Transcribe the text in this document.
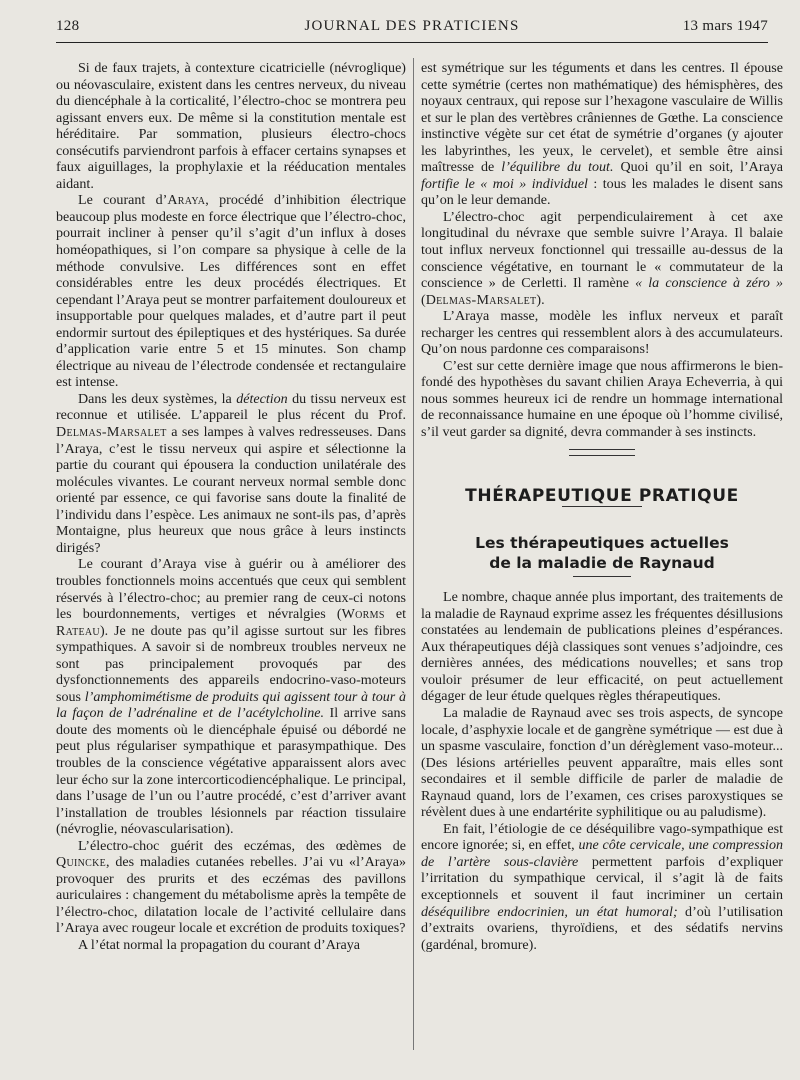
128	JOURNAL DES PRATICIENS	13 mars 1947

Si de faux trajets, à contexture cicatricielle (névroglique) ou néovasculaire, existent dans les centres nerveux, du niveau du diencéphale à la corticalité, l’électro-choc se montrera peu agissant envers eux. De même si la constitution mentale est héréditaire. Par sommation, plusieurs électro-chocs consécutifs parviendront parfois à effacer certains synapses et faux aiguillages, la prophylaxie et la rééducation mentales aidant.

Le courant d’Araya, procédé d’inhibition électrique beaucoup plus modeste en force électrique que l’électro-choc, pourrait incliner à penser qu’il s’agit d’un influx à doses homéopathiques, si l’on compare sa physique à celle de la méthode convulsive. Les différences sont en effet considérables entre les deux procédés électriques. Et cependant l’Araya peut se montrer parfaitement douloureux et insupportable pour quelques malades, et d’autre part il peut endormir surtout des épileptiques et des hystériques. Sa durée d’application varie entre 5 et 15 minutes. Son champ électrique au niveau de l’électrode condensée et rectangulaire est intense.

Dans les deux systèmes, la détection du tissu nerveux est reconnue et utilisée. L’appareil le plus récent du Prof. Delmas-Marsalet a ses lampes à valves redresseuses. Dans l’Araya, c’est le tissu nerveux qui aspire et sélectionne la partie du courant qui épousera la conduction unilatérale des molécules vivantes. Le courant nerveux normal semble donc orienté par essence, ce qui favorise sans doute la finalité de l’individu dans l’espèce. Les animaux ne sont-ils pas, d’après Montaigne, plus heureux que nous grâce à leurs instincts dirigés?

Le courant d’Araya vise à guérir ou à améliorer des troubles fonctionnels moins accentués que ceux qui semblent réservés à l’électro-choc; au premier rang de ceux-ci notons les bourdonnements, vertiges et névralgies (Worms et Rateau). Je ne doute pas qu’il agisse surtout sur les fibres sympathiques. A savoir si de nombreux troubles nerveux ne sont pas principalement provoqués par des dysfonctionnements des appareils endocrino-vaso-moteurs sous l’amphomimétisme de produits qui agissent tour à tour à la façon de l’adrénaline et de l’acétylcholine. Il arrive sans doute des moments où le diencéphale épuisé ou débordé ne peut plus régulariser sympathique et parasympathique. Des troubles de la conscience végétative apparaissent alors avec leur écho sur la zone intercorticodiencéphalique. Le principal, dans l’usage de l’un ou l’autre procédé, c’est d’arriver avant l’installation de troubles lésionnels par réaction tissulaire (névroglie, néovascularisation).

L’électro-choc guérit des eczémas, des œdèmes de Quincke, des maladies cutanées rebelles. J’ai vu «l’Araya» provoquer des prurits et des eczémas des pavillons auriculaires : changement du métabolisme après la tempête de l’électro-choc, dilatation locale de l’activité cellulaire dans l’Araya avec rougeur locale et excrétion de produits toxiques?

A l’état normal la propagation du courant d’Araya

est symétrique sur les téguments et dans les centres. Il épouse cette symétrie (certes non mathématique) des hémisphères, des noyaux centraux, qui repose sur l’hexagone vasculaire de Willis et sur le plan des vertèbres crâniennes de Gœthe. La conscience instinctive végète sur cet état de symétrie d’organes (y ajouter les labyrinthes, les yeux, le cervelet), et semble être ainsi maîtresse de l’équilibre du tout. Quoi qu’il en soit, l’Araya fortifie le « moi » individuel : tous les malades le disent sans qu’on le leur demande.

L’électro-choc agit perpendiculairement à cet axe longitudinal du névraxe que semble suivre l’Araya. Il balaie tout influx nerveux fonctionnel qui tressaille au-dessus de la conscience végétative, en tournant le « commutateur de la conscience » de Cerletti. Il ramène « la conscience à zéro » (Delmas-Marsalet).

L’Araya masse, modèle les influx nerveux et paraît recharger les centres qui ressemblent alors à des accumulateurs. Qu’on nous pardonne ces comparaisons!

C’est sur cette dernière image que nous affirmerons le bien-fondé des hypothèses du savant chilien Araya Echeverria, à qui nous sommes heureux ici de rendre un hommage international de reconnaissance humaine en une époque où l’homme civilisé, s’il veut garder sa dignité, devra commander à ses instincts.

THÉRAPEUTIQUE PRATIQUE
Les thérapeutiques actuelles
de la maladie de Raynaud

Le nombre, chaque année plus important, des traitements de la maladie de Raynaud exprime assez les fréquentes désillusions constatées au lendemain de publications pleines d’espérances. Aux thérapeutiques déjà classiques sont venues s’adjoindre, ces dernières années, des médications nouvelles; et sans trop vouloir présumer de leur efficacité, on peut actuellement dégager de leur étude quelques règles thérapeutiques.

La maladie de Raynaud avec ses trois aspects, de syncope locale, d’asphyxie locale et de gangrène symétrique — est due à un spasme vasculaire, fonction d’un dérèglement vaso-moteur...(Des lésions artérielles peuvent apparaître, mais elles sont secondaires et il semble difficile de parler de maladie de Raynaud quand, lors de l’examen, ces crises paroxystiques se révèlent dues à une endartérite syphilitique ou au paludisme).

En fait, l’étiologie de ce déséquilibre vago-sympathique est encore ignorée; si, en effet, une côte cervicale, une compression de l’artère sous-clavière permettent parfois d’expliquer l’irritation du sympathique cervical, il s’agit là de faits exceptionnels et souvent il faut incriminer un certain déséquilibre endocrinien, un état humoral; d’où l’utilisation d’extraits ovariens, thyroïdiens, et des sédatifs nervins (gardénal, bromure).
